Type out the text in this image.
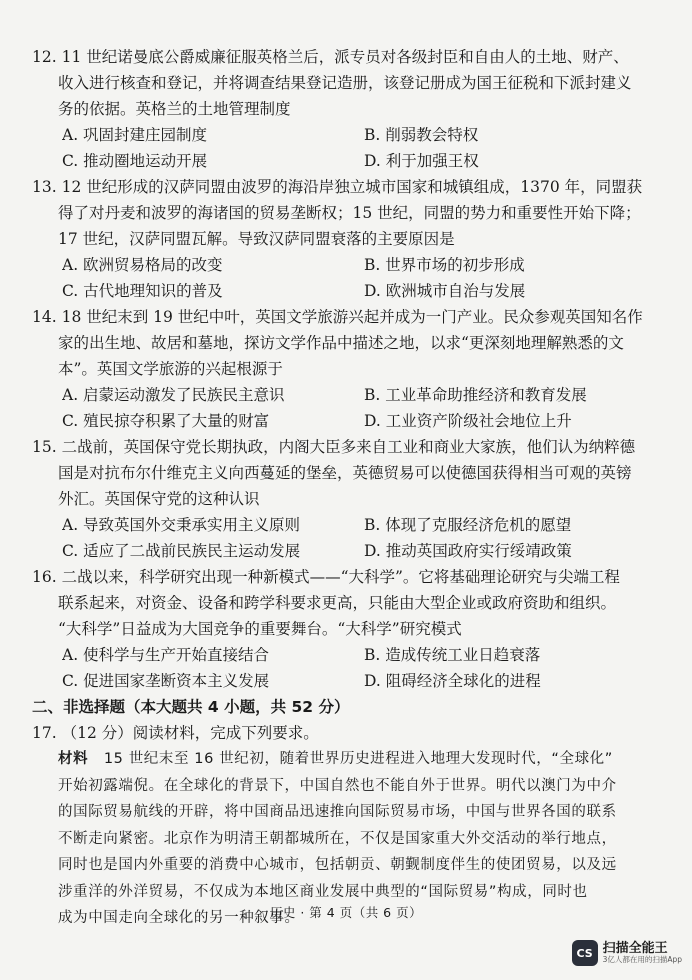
12. 11 世纪诺曼底公爵威廉征服英格兰后，派专员对各级封臣和自由人的土地、财产、
收入进行核查和登记，并将调查结果登记造册，该登记册成为国王征税和下派封建义
务的依据。英格兰的土地管理制度
A. 巩固封建庄园制度	B. 削弱教会特权
C. 推动圈地运动开展	D. 利于加强王权
13. 12 世纪形成的汉萨同盟由波罗的海沿岸独立城市国家和城镇组成，1370 年，同盟获
得了对丹麦和波罗的海诸国的贸易垄断权；15 世纪，同盟的势力和重要性开始下降；
17 世纪，汉萨同盟瓦解。导致汉萨同盟衰落的主要原因是
A. 欧洲贸易格局的改变	B. 世界市场的初步形成
C. 古代地理知识的普及	D. 欧洲城市自治与发展
14. 18 世纪末到 19 世纪中叶，英国文学旅游兴起并成为一门产业。民众参观英国知名作
家的出生地、故居和墓地，探访文学作品中描述之地，以求“更深刻地理解熟悉的文
本”。英国文学旅游的兴起根源于
A. 启蒙运动激发了民族民主意识	B. 工业革命助推经济和教育发展
C. 殖民掠夺积累了大量的财富	D. 工业资产阶级社会地位上升
15. 二战前，英国保守党长期执政，内阁大臣多来自工业和商业大家族，他们认为纳粹德
国是对抗布尔什维克主义向西蔓延的堡垒，英德贸易可以使德国获得相当可观的英镑
外汇。英国保守党的这种认识
A. 导致英国外交秉承实用主义原则	B. 体现了克服经济危机的愿望
C. 适应了二战前民族民主运动发展	D. 推动英国政府实行绥靖政策
16. 二战以来，科学研究出现一种新模式——“大科学”。它将基础理论研究与尖端工程
联系起来，对资金、设备和跨学科要求更高，只能由大型企业或政府资助和组织。
“大科学”日益成为大国竞争的重要舞台。“大科学”研究模式
A. 使科学与生产开始直接结合	B. 造成传统工业日趋衰落
C. 促进国家垄断资本主义发展	D. 阻碍经济全球化的进程
二、非选择题（本大题共 4 小题，共 52 分）
17. （12 分）阅读材料，完成下列要求。
材料 15 世纪末至 16 世纪初，随着世界历史进程进入地理大发现时代，“全球化”
开始初露端倪。在全球化的背景下，中国自然也不能自外于世界。明代以澳门为中介
的国际贸易航线的开辟，将中国商品迅速推向国际贸易市场，中国与世界各国的联系
不断走向紧密。北京作为明清王朝都城所在，不仅是国家重大外交活动的举行地点，
同时也是国内外重要的消费中心城市，包括朝贡、朝觐制度伴生的使团贸易，以及远
涉重洋的外洋贸易，不仅成为本地区商业发展中典型的“国际贸易”构成，同时也
成为中国走向全球化的另一种叙事。
历史 · 第 4 页（共 6 页）
CS 扫描全能王
3亿人都在用的扫描App
